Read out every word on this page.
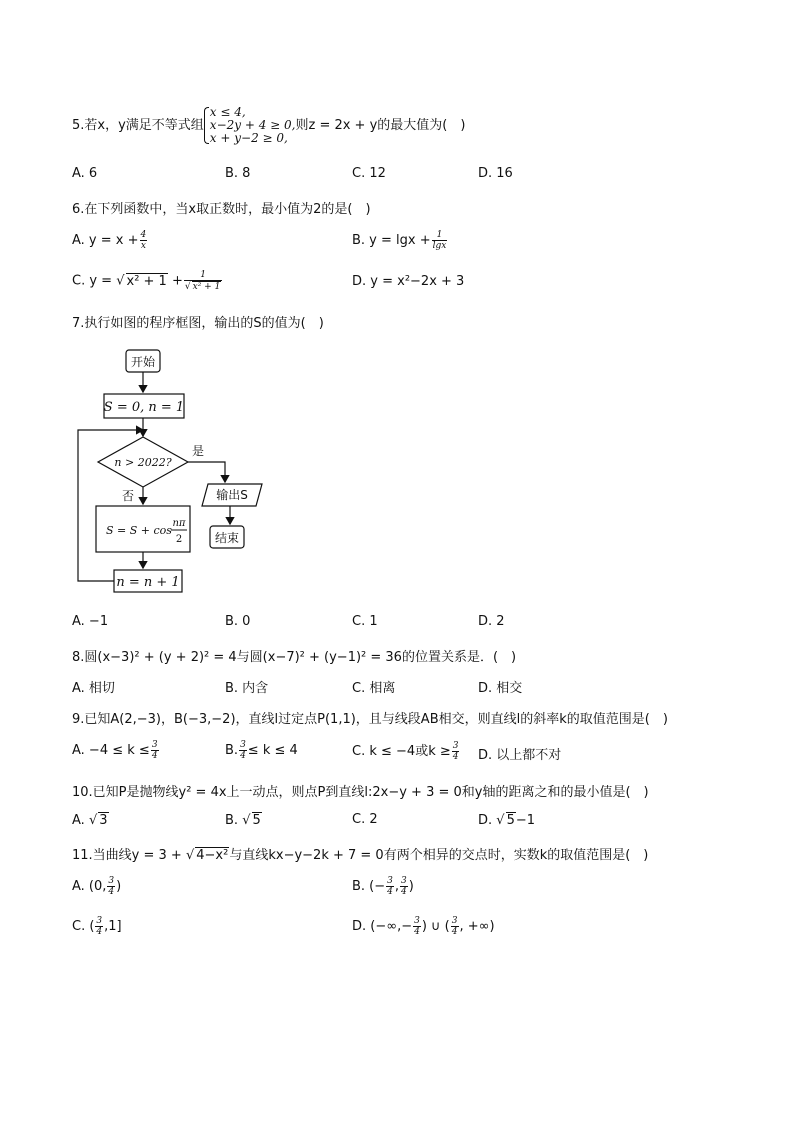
5.若x，y满足不等式组
x ≤ 4,
x−2y + 4 ≥ 0,
x + y−2 ≥ 0,
则z = 2x + y的最大值为(　)
A. 6	B. 8	C. 12	D. 16
6.在下列函数中，当x取正数时，最小值为2的是(　)
A. $y = x + \frac{4}{x}$	B. $y = \lg x + \frac{1}{\lg x}$
C. y = √ $x^2 + 1 + \frac{1}{\text{√ x² + 1}}$	D. y = x²−2x + 3
7.执行如图的程序框图，输出的S的值为(　)
开始
S = 0, n = 1
n > 2022?
是
否	输出S
结束
S = S + cos
nπ
2
n = n + 1
A. −1	B. 0	C. 1	D. 2
8.圆(x−3)² + (y + 2)² = 4与圆(x−7)² + (y−1)² = 36的位置关系是．(　)
A. 相切	B. 内含	C. 相离	D. 相交
9.已知A(2,−3)，B(−3,−2)，直线l过定点P(1,1)，且与线段AB相交，则直线l的斜率k的取值范围是(　)
A. $-4 \le k \le \frac{3}{4}$	B. $\frac{3}{4} \le k \le 4$	C. k ≤ −4或$k \ge \frac{3}{4} D$. 以上都不对
10.已知P是抛物线y² = 4x上一动点，则点P到直线l:2x−y + 3 = 0和y轴的距离之和的最小值是(　)
A. √ 3	B. √ 5	C. 2	D. √ 5−1
11.当曲线y = 3 + √ 4−x²与直线kx−y−2k + 7 = 0有两个相异的交点时，实数k的取值范围是(　)
A. (0, $\frac{3}{4}$ )	B. (− $\frac{3}{4}$ , $\frac{3}{4}$ )
C. ( $\frac{3}{4} ,1$]	D. (−∞,− $\frac{3}{4}$ ) ∪ ( $\frac{3}{4}$ , +∞)
